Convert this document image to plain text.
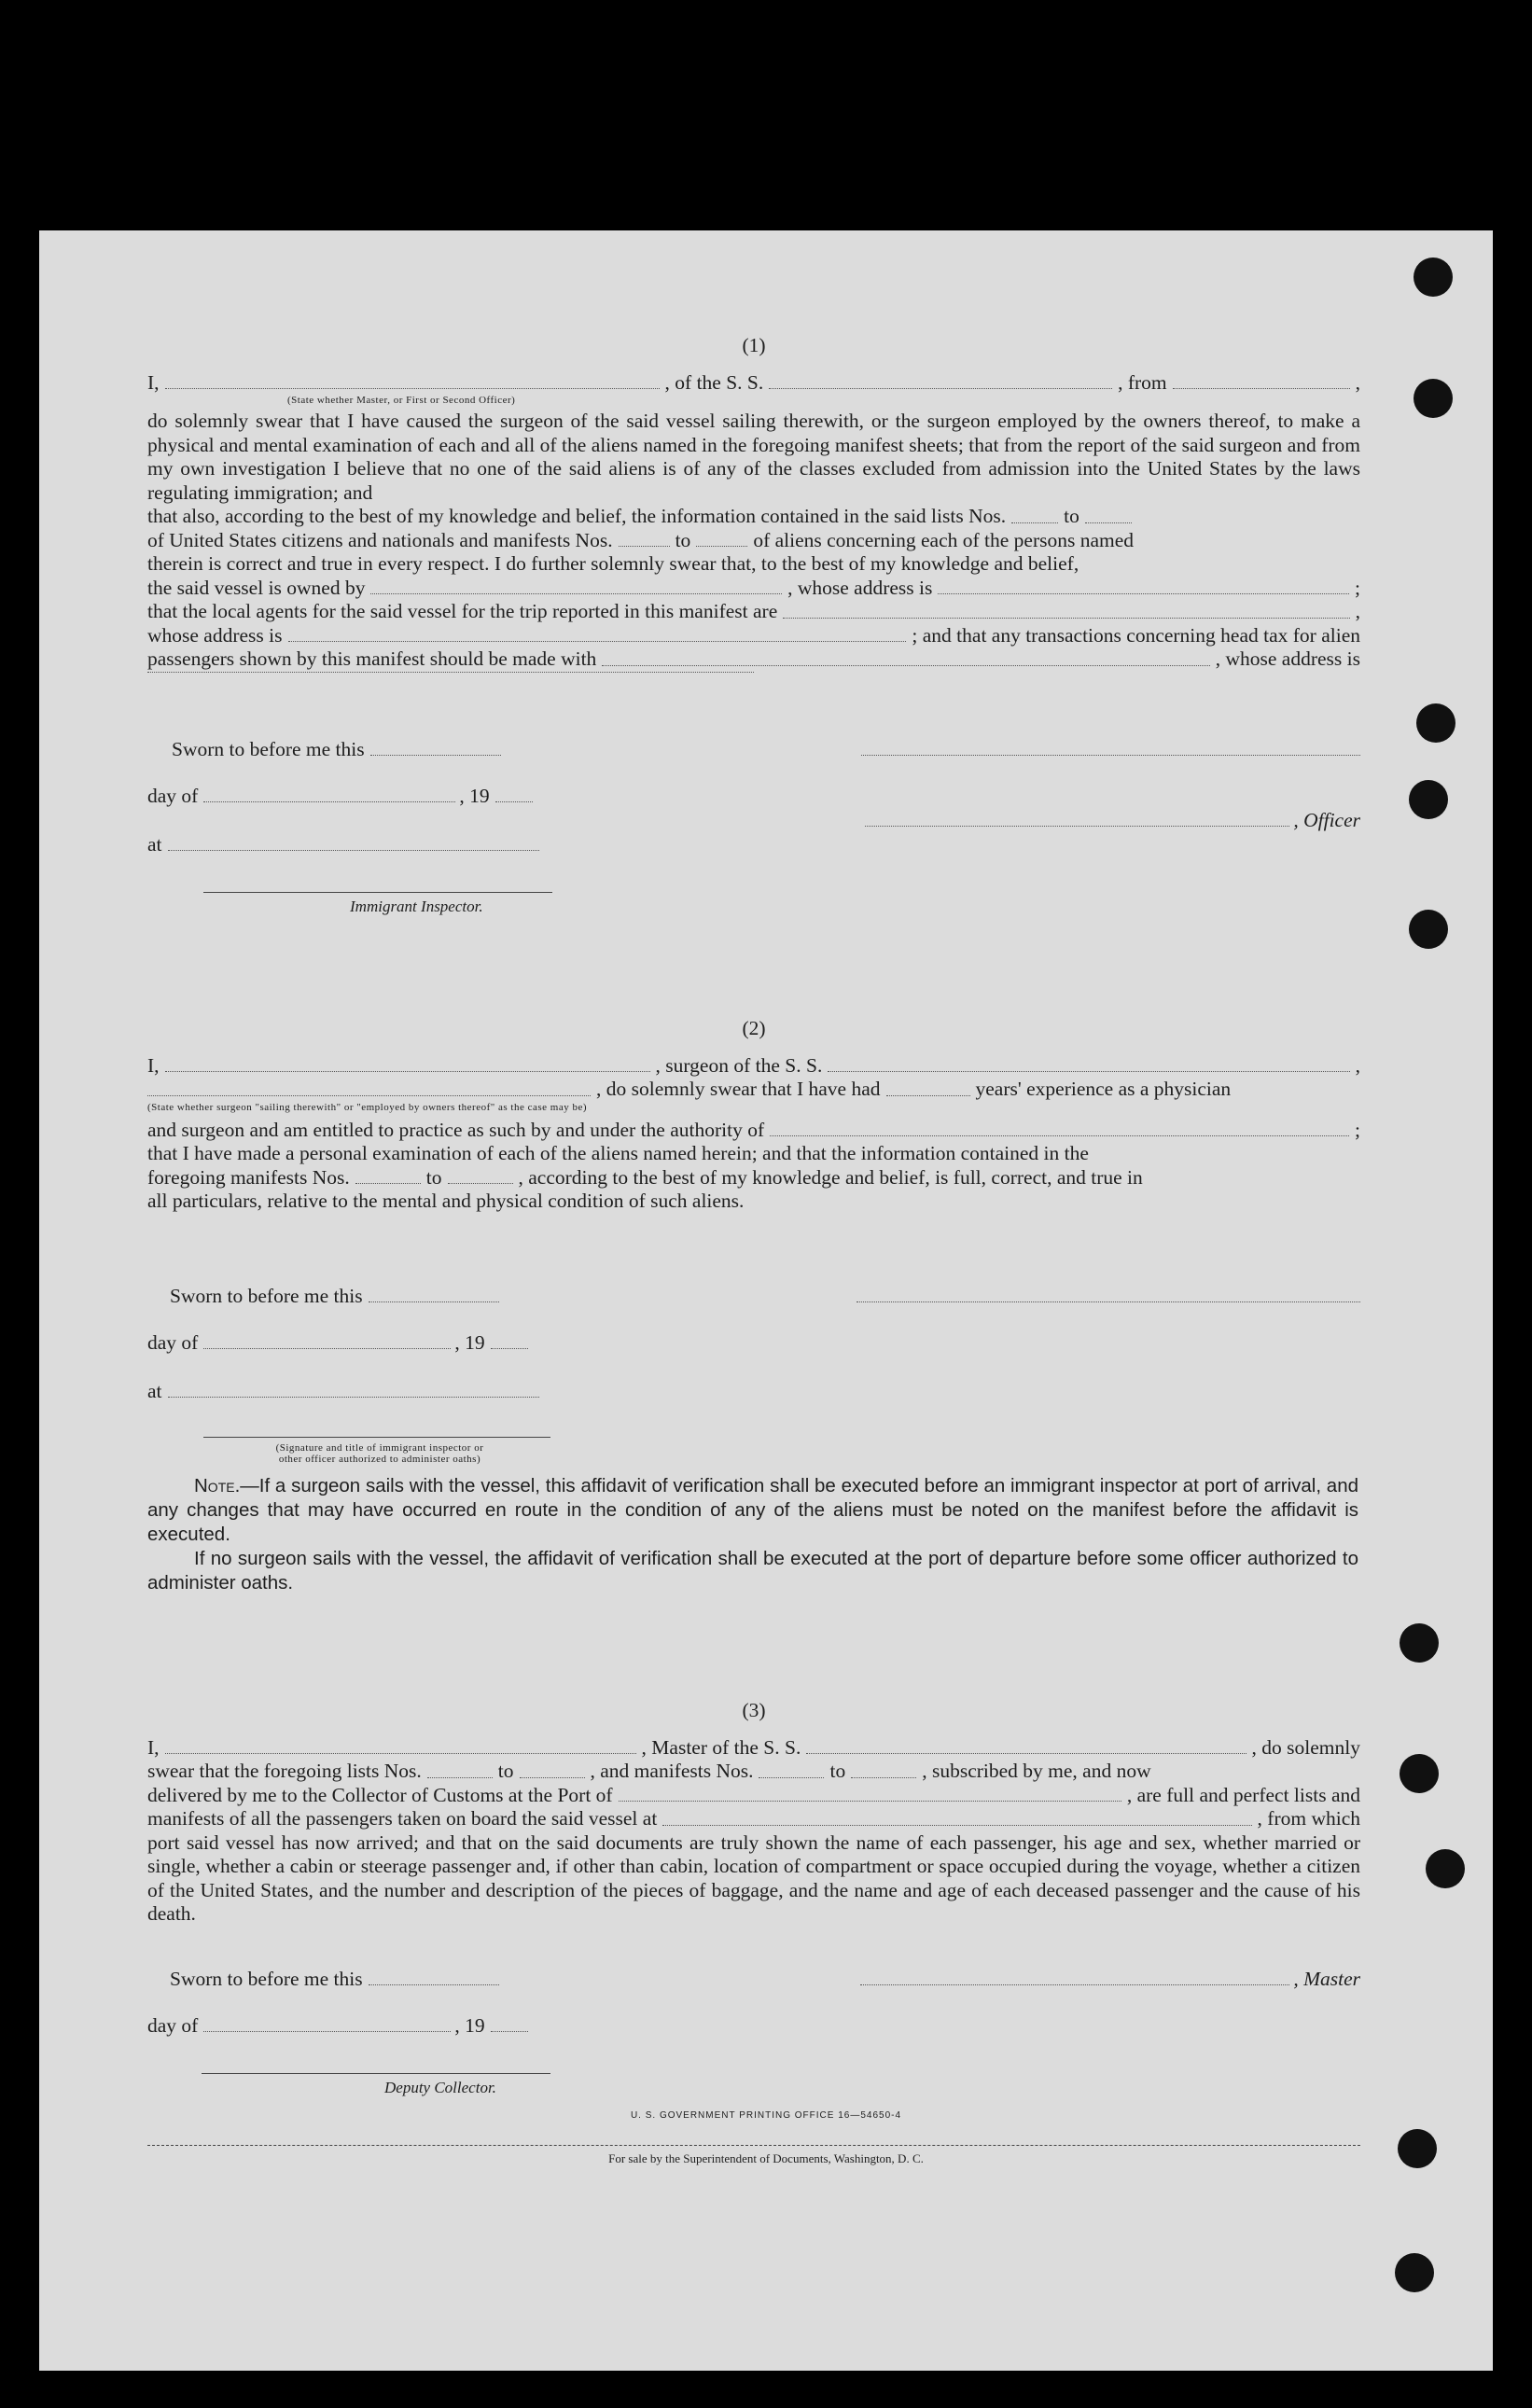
(1)
I,	, of the S. S.	, from	,
(State whether Master, or First or Second Officer)
do solemnly swear that I have caused the surgeon of the said vessel sailing therewith, or the surgeon employed by the owners thereof, to make a physical and mental examination of each and all of the aliens named in the foregoing manifest sheets; that from the report of the said surgeon and from my own investigation I believe that no one of the said aliens is of any of the classes excluded from admission into the United States by the laws regulating immigration; and
that also, according to the best of my knowledge and belief, the information contained in the said lists Nos.	to
of United States citizens and nationals and manifests Nos.	to	of aliens concerning each of the persons named
therein is correct and true in every respect. I do further solemnly swear that, to the best of my knowledge and belief,
the said vessel is owned by	, whose address is	;
that the local agents for the said vessel for the trip reported in this manifest are	,
whose address is	; and that any transactions concerning head tax for alien
passengers shown by this manifest should be made with	, whose address is
Sworn to before me this
day of	, 19
, Officer
at
Immigrant Inspector.
(2)
I,	, surgeon of the S. S.	,
, do solemnly swear that I have had	years' experience as a physician
(State whether surgeon "sailing therewith" or "employed by owners thereof" as the case may be)
and surgeon and am entitled to practice as such by and under the authority of	;
that I have made a personal examination of each of the aliens named herein; and that the information contained in the
foregoing manifests Nos.	to	, according to the best of my knowledge and belief, is full, correct, and true in
all particulars, relative to the mental and physical condition of such aliens.
Sworn to before me this
day of	, 19
at
(Signature and title of immigrant inspector or
other officer authorized to administer oaths)
Note.—If a surgeon sails with the vessel, this affidavit of verification shall be executed before an immigrant inspector at port of arrival, and any changes that may have occurred en route in the condition of any of the aliens must be noted on the manifest before the affidavit is executed.
If no surgeon sails with the vessel, the affidavit of verification shall be executed at the port of departure before some officer authorized to administer oaths.
(3)
I,	, Master of the S. S.	, do solemnly
swear that the foregoing lists Nos.	to	, and manifests Nos.	to	, subscribed by me, and now
delivered by me to the Collector of Customs at the Port of	, are full and perfect lists and
manifests of all the passengers taken on board the said vessel at	, from which
port said vessel has now arrived; and that on the said documents are truly shown the name of each passenger, his age and sex, whether married or single, whether a cabin or steerage passenger and, if other than cabin, location of compartment or space occupied during the voyage, whether a citizen of the United States, and the number and description of the pieces of baggage, and the name and age of each deceased passenger and the cause of his death.
Sworn to before me this	, Master
day of	, 19
Deputy Collector.
U. S. GOVERNMENT PRINTING OFFICE 16—54650-4
For sale by the Superintendent of Documents, Washington, D. C.
